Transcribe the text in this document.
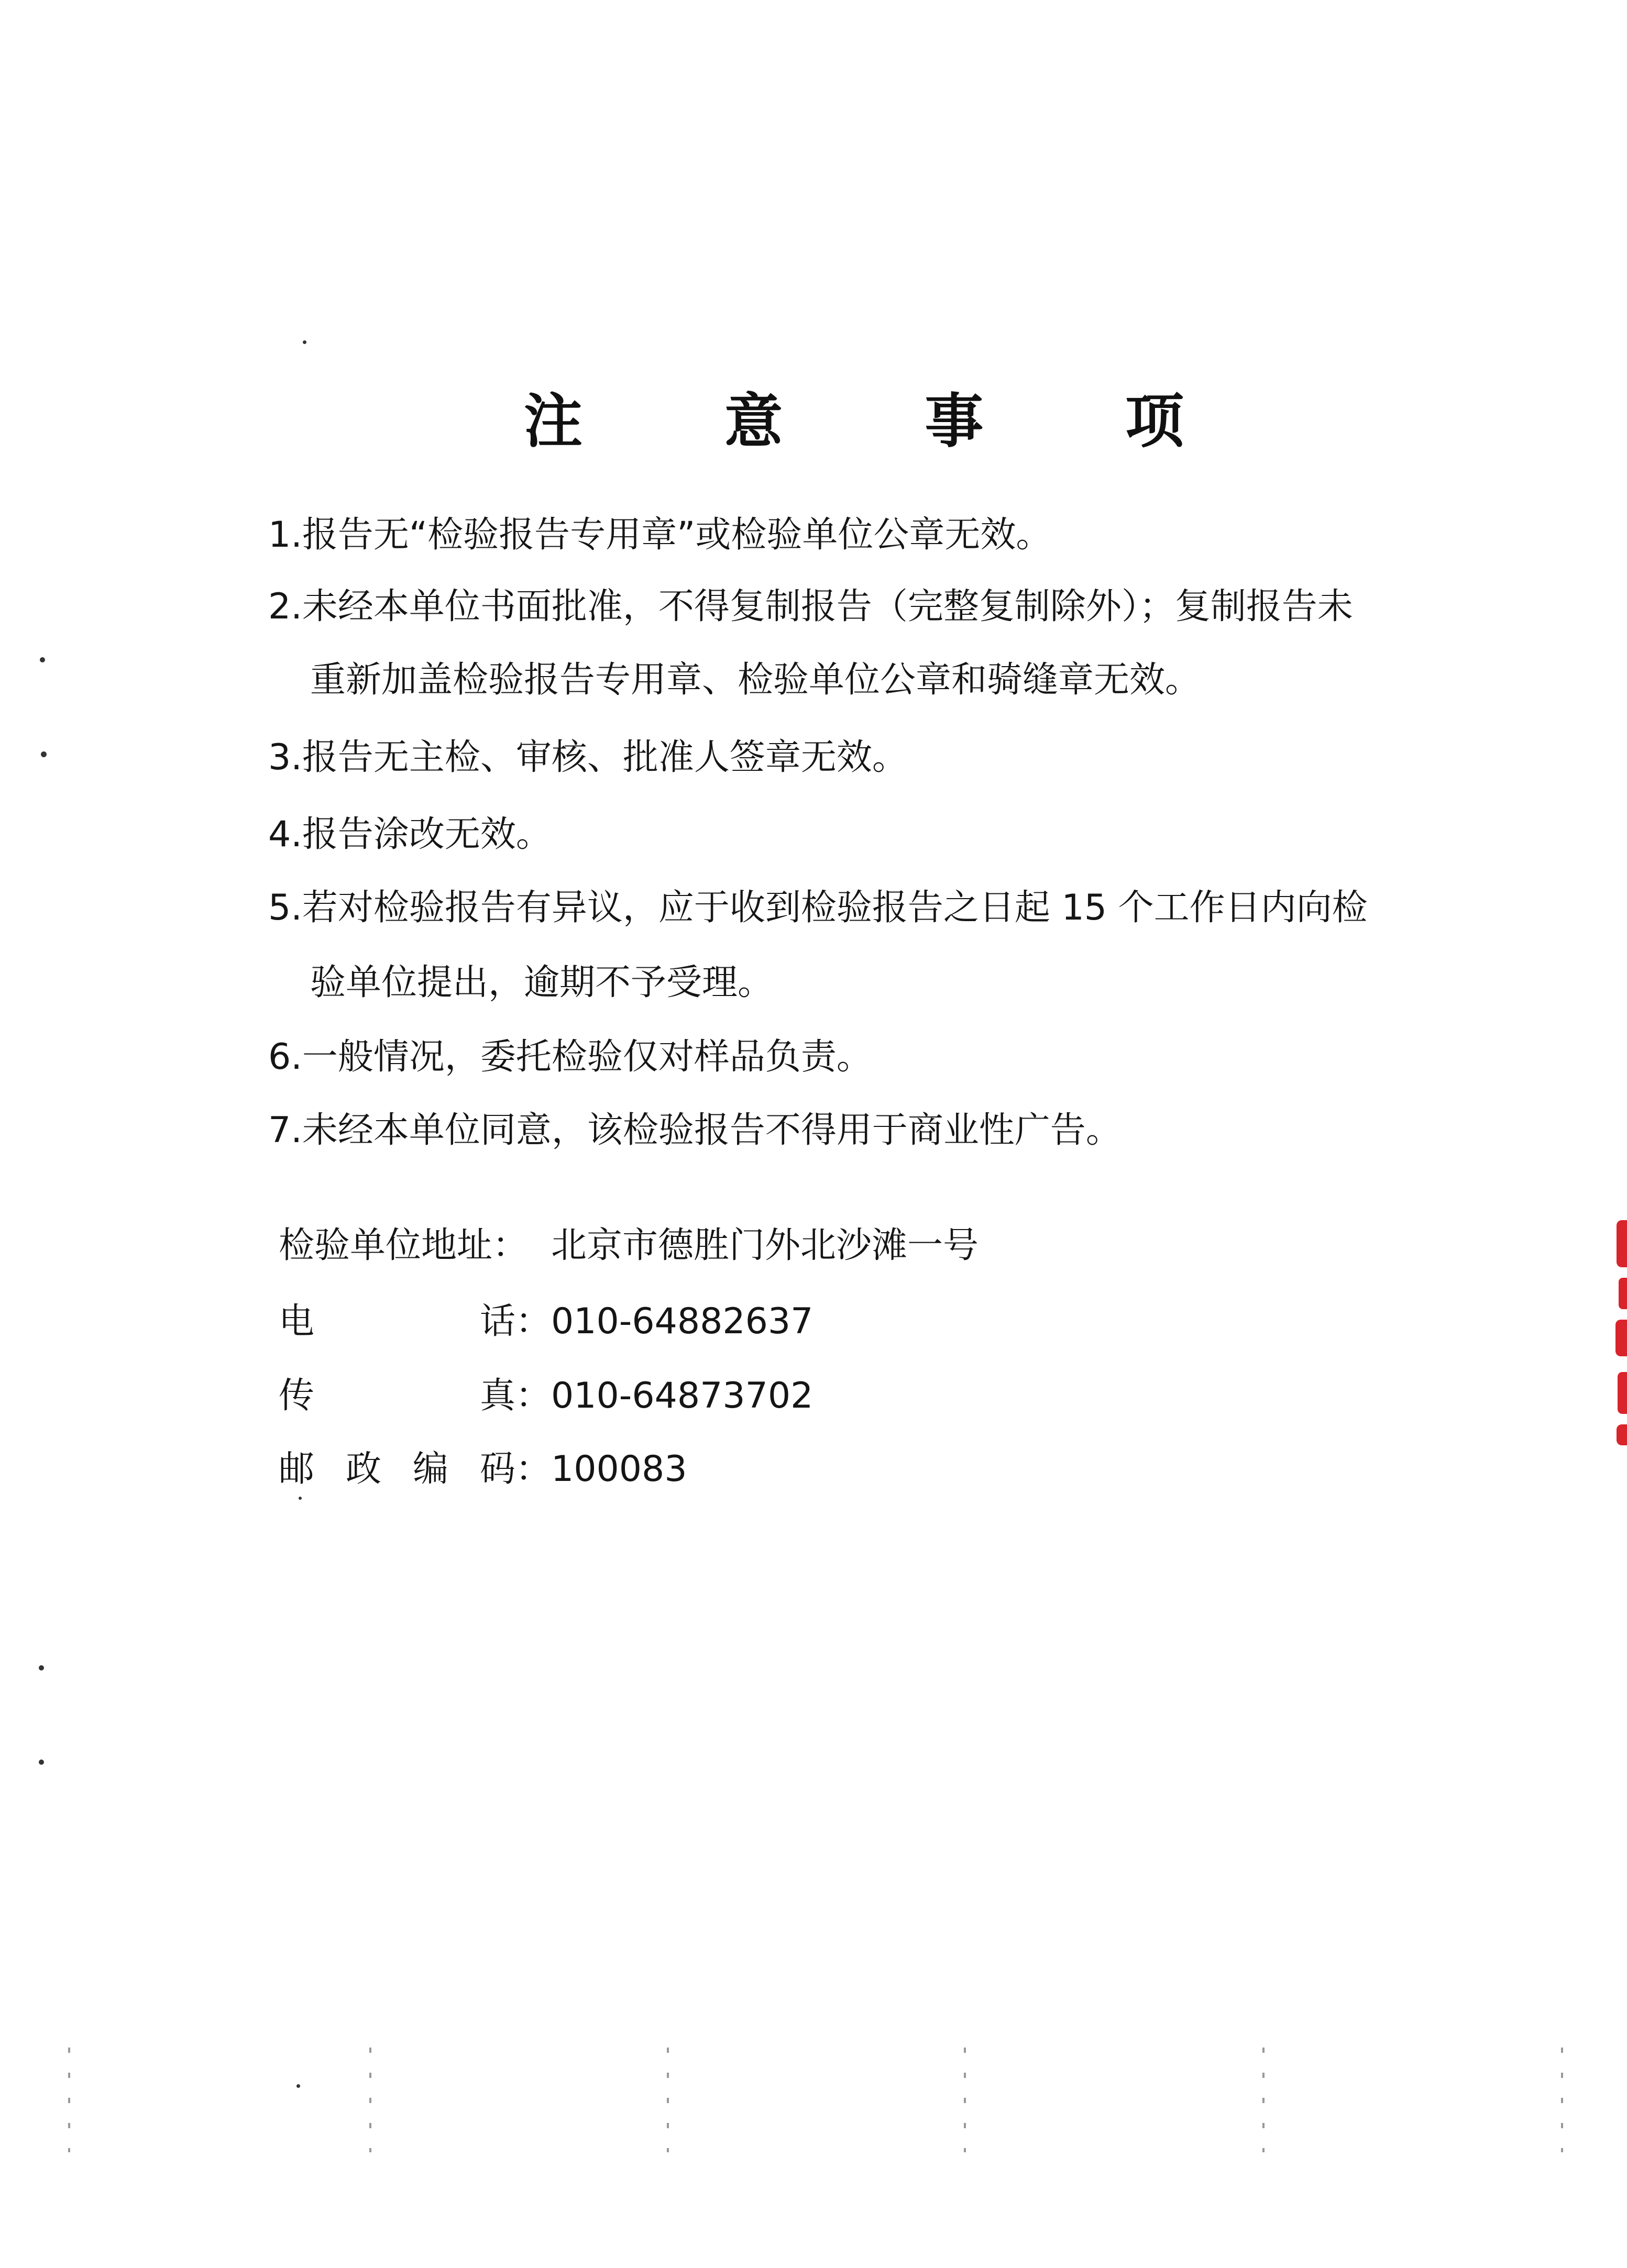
注 意 事 项
1.报告无“检验报告专用章”或检验单位公章无效。
2.未经本单位书面批准，不得复制报告（完整复制除外）；复制报告未
重新加盖检验报告专用章、检验单位公章和骑缝章无效。
3.报告无主检、审核、批准人签章无效。
4.报告涂改无效。
5.若对检验报告有异议，应于收到检验报告之日起 15 个工作日内向检
验单位提出，逾期不予受理。
6.一般情况，委托检验仅对样品负责。
7.未经本单位同意，该检验报告不得用于商业性广告。
检验单位地址： 北京市德胜门外北沙滩一号
电	话： 010-64882637
传	真： 010-64873702
邮 政 编 码： 100083
